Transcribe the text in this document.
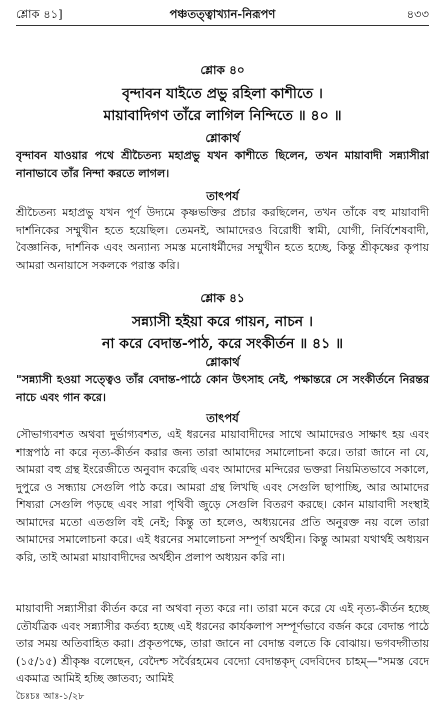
শ্লোক ৪১]	পঞ্চতত্ত্বাখ্যান-নিরূপণ	৪৩৩
শ্লোক ৪০
বৃন্দাবন যাইতে প্রভু রহিলা কাশীতে ।
মায়াবাদিগণ তাঁরে লাগিল নিন্দিতে ॥ ৪০ ॥
শ্লোকার্থ
বৃন্দাবন যাওয়ার পথে শ্রীচৈতন্য মহাপ্রভু যখন কাশীতে ছিলেন, তখন মায়াবাদী সন্ন্যাসীরা নানাভাবে তাঁর নিন্দা করতে লাগল।
তাৎপর্য
শ্রীচৈতন্য মহাপ্রভু যখন পূর্ণ উদ্যমে কৃষ্ণভক্তির প্রচার করছিলেন, তখন তাঁকে বহু মায়াবাদী দার্শনিকের সম্মুখীন হতে হয়েছিল। তেমনই, আমাদেরও বিরোধী স্বামী, যোগী, নির্বিশেষবাদী, বৈজ্ঞানিক, দার্শনিক এবং অন্যান্য সমস্ত মনোধর্মীদের সম্মুখীন হতে হচ্ছে, কিন্তু শ্রীকৃষ্ণের কৃপায় আমরা অনায়াসে সকলকে পরাস্ত করি।
শ্লোক ৪১
সন্ন্যাসী হইয়া করে গায়ন, নাচন ।
না করে বেদান্ত-পাঠ, করে সংকীর্তন ॥ ৪১ ॥
শ্লোকার্থ
"সন্ন্যাসী হওয়া সত্ত্বেও তাঁর বেদান্ত-পাঠে কোন উৎসাহ নেই, পক্ষান্তরে সে সংকীর্তনে নিরন্তর নাচে এবং গান করে।
তাৎপর্য
সৌভাগ্যবশত অথবা দুর্ভাগ্যবশত, এই ধরনের মায়াবাদীদের সাথে আমাদেরও সাক্ষাৎ হয় এবং শাস্ত্রপাঠ না করে নৃত্য-কীর্তন করার জন্য তারা আমাদের সমালোচনা করে। তারা জানে না যে, আমরা বহু গ্রন্থ ইংরেজীতে অনুবাদ করেছি এবং আমাদের মন্দিরের ভক্তরা নিয়মিতভাবে সকালে, দুপুরে ও সন্ধ্যায় সেগুলি পাঠ করে। আমরা গ্রন্থ লিখছি এবং সেগুলি ছাপাচ্ছি, আর আমাদের শিষ্যরা সেগুলি পড়ছে এবং সারা পৃথিবী জুড়ে সেগুলি বিতরণ করছে। কোন মায়াবাদী সংস্থাই আমাদের মতো এতগুলি বই নেই; কিন্তু তা হলেও, অধ্যয়নের প্রতি অনুরক্ত নয় বলে তারা আমাদের সমালোচনা করে। এই ধরনের সমালোচনা সম্পূর্ণ অর্থহীন। কিন্তু আমরা যথার্থই অধ্যয়ন করি, তাই আমরা মায়াবাদীদের অর্থহীন প্রলাপ অধ্যয়ন করি না।
মায়াবাদী সন্ন্যাসীরা কীর্তন করে না অথবা নৃত্য করে না। তারা মনে করে যে এই নৃত্য-কীর্তন হচ্ছে তৌর্যত্রিক এবং সন্ন্যাসীর কর্তব্য হচ্ছে এই ধরনের কার্যকলাপ সম্পূর্ণভাবে বর্জন করে বেদান্ত পাঠে তার সময় অতিবাহিত করা। প্রকৃতপক্ষে, তারা জানে না বেদান্ত বলতে কি বোঝায়। ভগবদ্গীতায় (১৫/১৫) শ্রীকৃষ্ণ বলেছেন, বেদৈশ্চ সর্বৈরহমেব বেদ্যো বেদান্তকৃদ্ বেদবিদেব চাহম্—"সমস্ত বেদে একমাত্র আমিই হচ্ছি জ্ঞাতব্য; আমিই
চৈঃচঃ আঃ-১/২৮
